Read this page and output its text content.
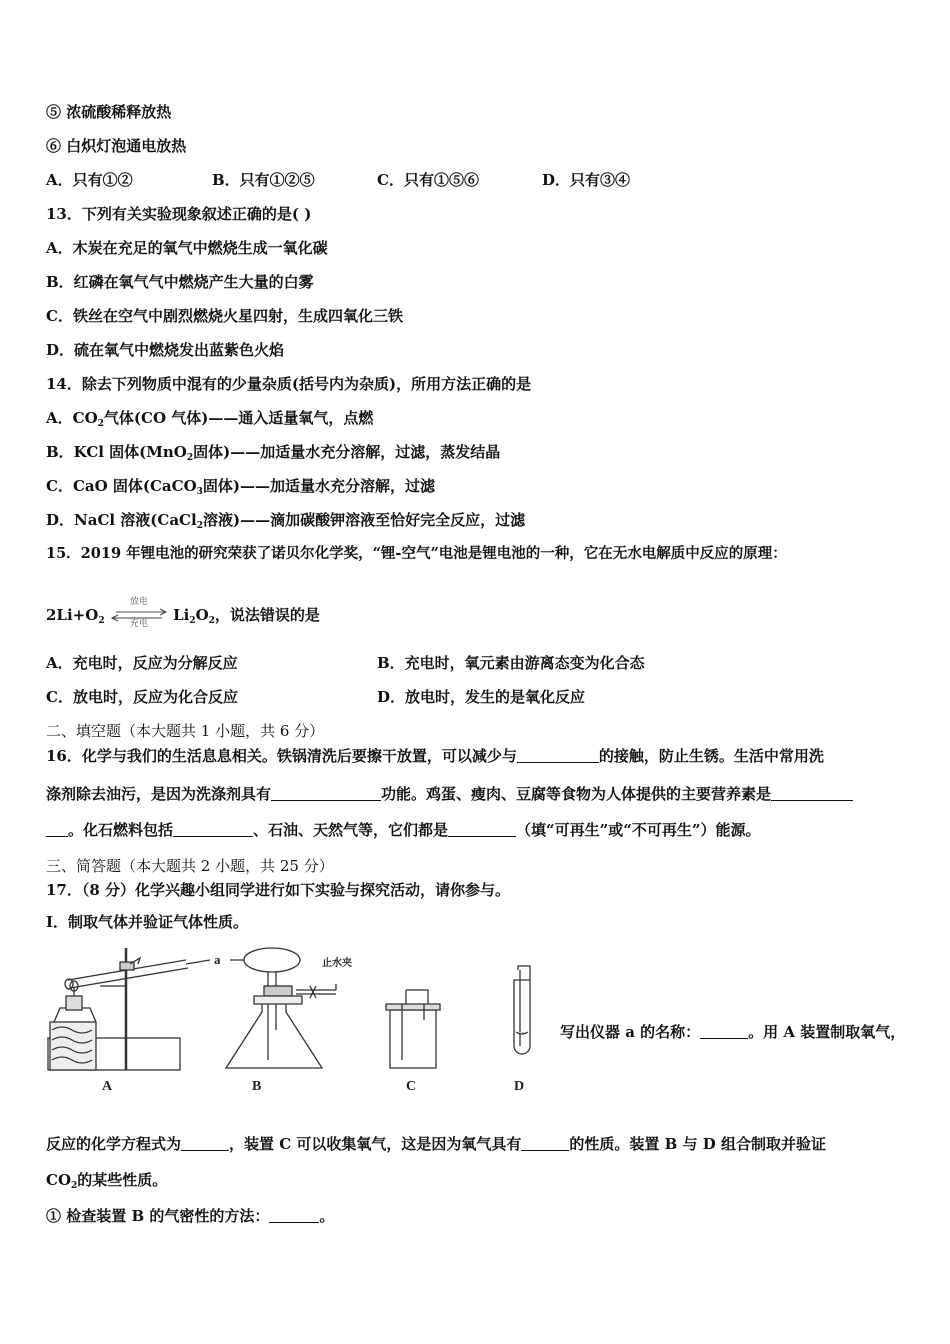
⑤ 浓硫酸稀释放热
⑥ 白炽灯泡通电放热
A．只有①②	B．只有①②⑤	C．只有①⑤⑥	D．只有③④
13．下列有关实验现象叙述正确的是( )
A．木炭在充足的氧气中燃烧生成一氧化碳
B．红磷在氧气气中燃烧产生大量的白雾
C．铁丝在空气中剧烈燃烧火星四射，生成四氧化三铁
D．硫在氧气中燃烧发出蓝紫色火焰
14．除去下列物质中混有的少量杂质(括号内为杂质)，所用方法正确的是
A．$CO_2$气体(CO 气体)——通入适量氧气，点燃
B．KCl 固体(MnO$_2$固体)——加适量水充分溶解，过滤，蒸发结晶
C．CaO 固体(CaCO$_3$固体)——加适量水充分溶解，过滤
D．NaCl 溶液(CaCl$_2$溶液)——滴加碳酸钾溶液至恰好完全反应，过滤
15．2019 年锂电池的研究荣获了诺贝尔化学奖，“锂-空气”电池是锂电池的一种，它在无水电解质中反应的原理：
$2Li+O_2$
放电
充电	$Li_2O_2$，说法错误的是
A．充电时，反应为分解反应	B．充电时，氧元素由游离态变为化合态
C．放电时，反应为化合反应	D．放电时，发生的是氧化反应
二、填空题（本大题共 1 小题，共 6 分）
16．化学与我们的生活息息相关。铁锅清洗后要擦干放置，可以减少与	的接触，防止生锈。生活中常用洗
涤剂除去油污，是因为洗涤剂具有	功能。鸡蛋、瘦肉、豆腐等食物为人体提供的主要营养素是
。化石燃料包括	、石油、天然气等，它们都是	（填“可再生”或“不可再生”）能源。
三、简答题（本大题共 2 小题，共 25 分）
17．（8 分）化学兴趣小组同学进行如下实验与探究活动，请你参与。
Ⅰ．制取气体并验证气体性质。
A	B	C	D
a	止水夹
写出仪器 a 的名称：	。用 A 装置制取氧气，
反应的化学方程式为	，装置 C 可以收集氧气，这是因为氧气具有	的性质。装置 B 与 D 组合制取并验证
$CO_2$的某些性质。
① 检查装置 B 的气密性的方法：	。
